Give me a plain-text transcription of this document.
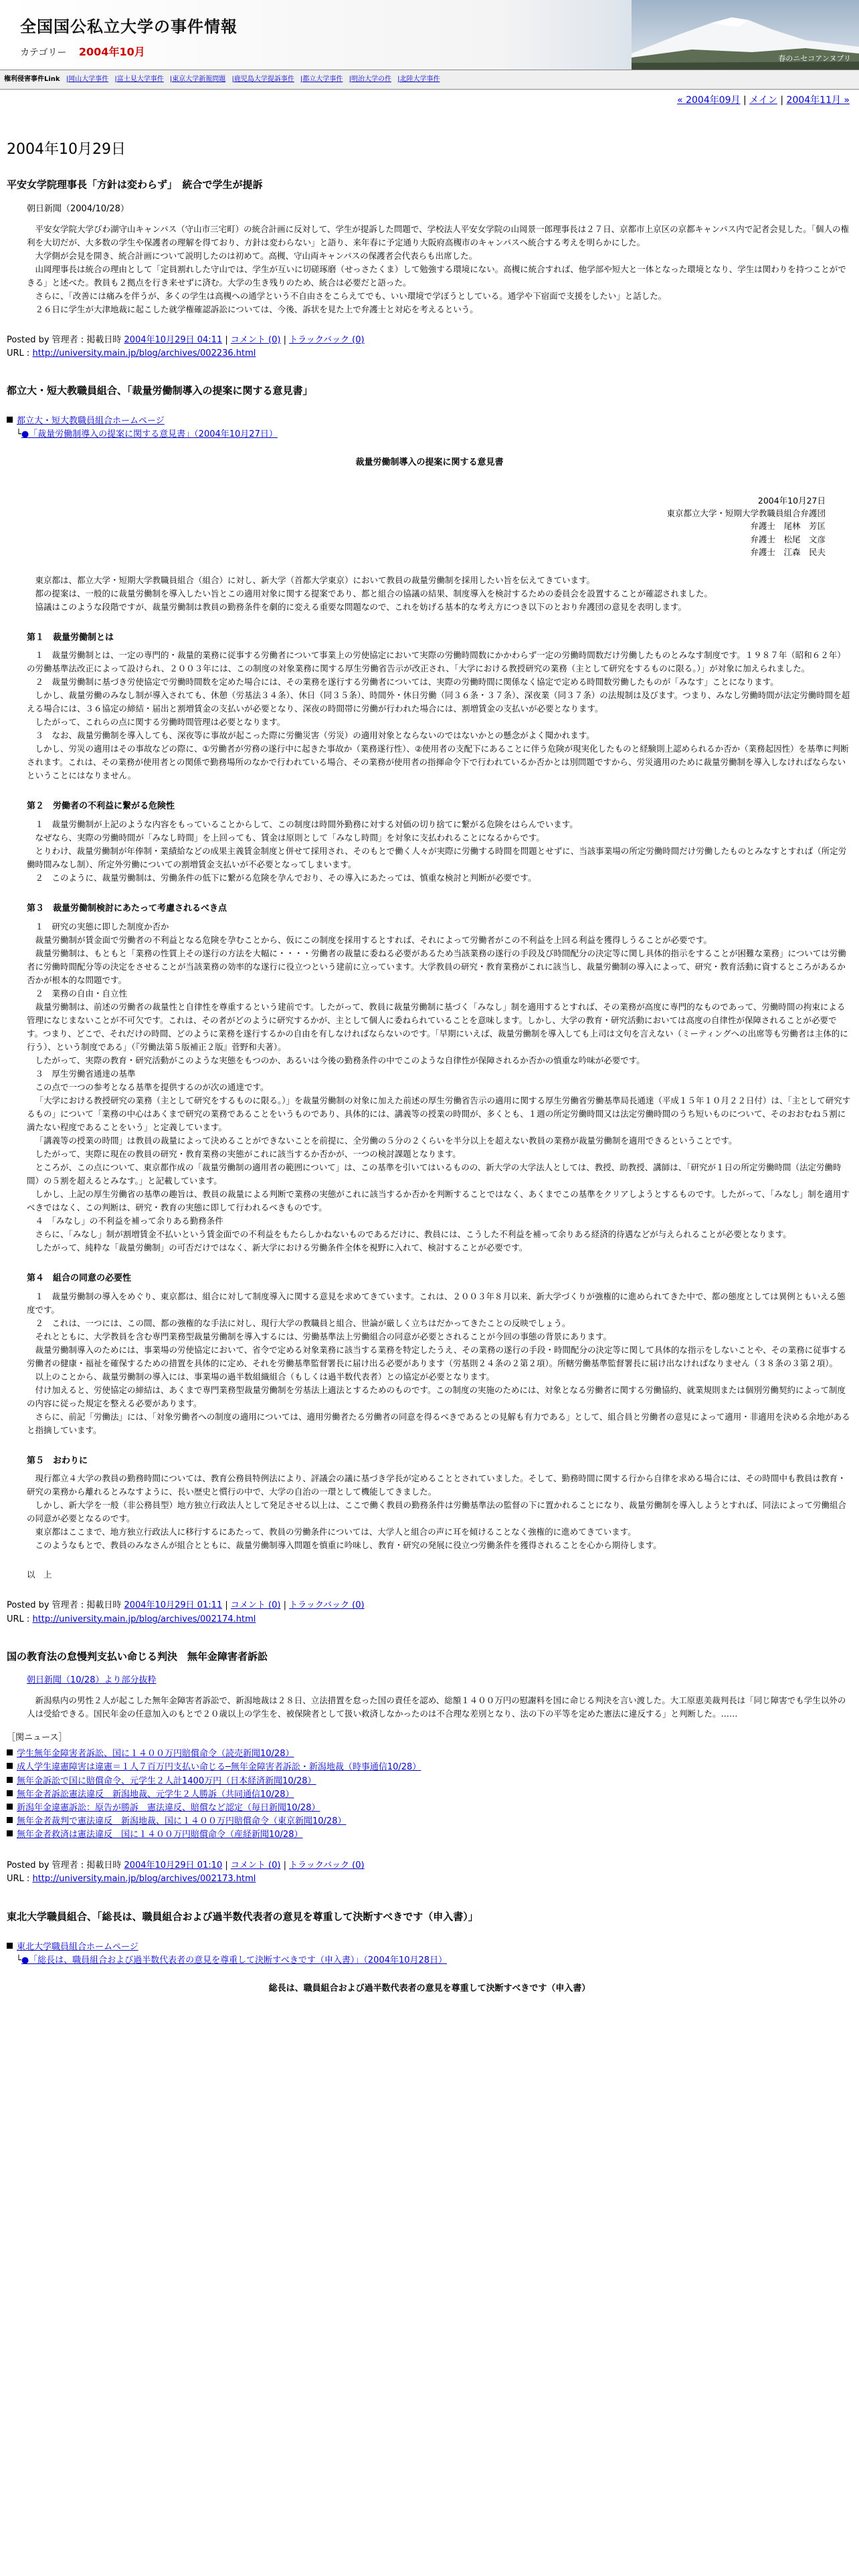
全国国公私立大学の事件情報
カテゴリー 2004年10月
春のニセコアンヌプリ
権利侵害事件Link |岡山大学事件 |富士見大学事件 |東京大学新報問題 |鹿児島大学提訴事件 |都立大学事件 |明治大学の件 |北陸大学事件
« 2004年09月 | メイン | 2004年11月 »
2004年10月29日
平安女学院理事長「方針は変わらず」　統合で学生が提訴
朝日新聞（2004/10/28）

平安女学院大学びわ湖守山キャンパス（守山市三宅町）の統合計画に反対して、学生が提訴した問題で、学校法人平安女学院の山岡景一郎理事長は２７日、京都市上京区の京都キャンパス内で記者会見した。「個人の権利を大切だが、大多数の学生や保護者の理解を得ており、方針は変わらない」と語り、来年春に予定通り大阪府高槻市のキャンパスへ統合する考えを明らかにした。

大学側が会見を開き、統合計画について説明したのは初めて。高槻、守山両キャンパスの保護者会代表らも出席した。

山岡理事長は統合の理由として「定員割れした守山では、学生が互いに切磋琢磨（せっさたくま）して勉強する環境にない。高槻に統合すれば、他学部や短大と一体となった環境となり、学生は関わりを持つことができる」と述べた。教員も２拠点を行き来せずに済む。大学の生き残りのため、統合は必要だと語った。

さらに、「改善には痛みを伴うが、多くの学生は高槻への通学という不自由さをこらえてでも、いい環境で学ぼうとしている。通学や下宿面で支援をしたい」と話した。

２６日に学生が大津地裁に起こした就学権確認訴訟については、今後、訴状を見た上で弁護士と対応を考えるという。

Posted by 管理者 : 掲載日時 2004年10月29日 04:11 | コメント (0) | トラックバック (0)
URL : http://university.main.jp/blog/archives/002236.html
都立大・短大教職員組合、「裁量労働制導入の提案に関する意見書」
都立大・短大教職員組合ホームページ
└●「裁量労働制導入の提案に関する意見書」（2004年10月27日）
裁量労働制導入の提案に関する意見書
2004年10月27日
東京都立大学・短期大学教職員組合弁護団
弁護士　尾林　芳匡
弁護士　松尾　文彦
弁護士　江森　民夫

東京都は、都立大学・短期大学教職員組合（組合）に対し、新大学（首都大学東京）において教員の裁量労働制を採用したい旨を伝えてきています。

都の提案は、一般的に裁量労働制を導入したい旨とこの適用対象に関する提案であり、都と組合の協議の結果、制度導入を検討するための委員会を設置することが確認されました。

協議はこのような段階ですが、裁量労働制は教員の勤務条件を劇的に変える重要な問題なので、これを妨げる基本的な考え方につき以下のとおり弁護団の意見を表明します。

第１　裁量労働制とは

１　裁量労働制とは、一定の専門的・裁量的業務に従事する労働者について事業上の労使協定において実際の労働時間数にかかわらず一定の労働時間数だけ労働したものとみなす制度です。１９８７年（昭和６２年）の労働基準法改正によって設けられ、２００３年には、この制度の対象業務に関する厚生労働省告示が改正され、「大学における教授研究の業務（主として研究をするものに限る。）」が対象に加えられました。

２　裁量労働制に基づき労使協定で労働時間数を定めた場合には、その業務を遂行する労働者については、実際の労働時間に関係なく協定で定める時間数労働したものが「みなす」ことになります。

しかし、裁量労働のみなし制が導入されても、休憩（労基法３４条）、休日（同３５条）、時間外・休日労働（同３６条・３７条）、深夜業（同３７条）の法規制は及びます。つまり、みなし労働時間が法定労働時間を超える場合には、３６協定の締結・届出と割増賃金の支払いが必要となり、深夜の時間帯に労働が行われた場合には、割増賃金の支払いが必要となります。

したがって、これらの点に関する労働時間管理は必要となります。

３　なお、裁量労働制を導入しても、深夜等に事故が起こった際に労働災害（労災）の適用対象とならないのではないかとの懸念がよく聞かれます。

しかし、労災の適用はその事故などの際に、①労働者が労務の遂行中に起きた事故か（業務遂行性）、②使用者の支配下にあることに伴う危険が現実化したものと経験則上認められるか否か（業務起因性）を基準に判断されます。これは、その業務が使用者との関係で勤務場所のなかで行われている場合、その業務が使用者の指揮命令下で行われているか否かとは別問題ですから、労災適用のために裁量労働制を導入しなければならないということにはなりません。

第２　労働者の不利益に繋がる危険性

１　裁量労働制が上記のような内容をもっていることからして、この制度は時間外勤務に対する対価の切り捨てに繋がる危険をはらんでいます。

なぜなら、実際の労働時間が「みなし時間」を上回っても、賃金は原則として「みなし時間」を対象に支払われることになるからです。

とりわけ、裁量労働制が年俸制・業績給などの成果主義賃金制度と併せて採用され、そのもとで働く人々が実際に労働する時間を問題とせずに、当該事業場の所定労働時間だけ労働したものとみなすとすれば（所定労働時間みなし制）、所定外労働についての割増賃金支払いが不必要となってしまいます。

２　このように、裁量労働制は、労働条件の低下に繋がる危険を孕んでおり、その導入にあたっては、慎重な検討と判断が必要です。

第３　裁量労働制検討にあたって考慮されるべき点

１　研究の実態に即した制度か否か

裁量労働制が賃金面で労働者の不利益となる危険を孕むことから、仮にこの制度を採用するとすれば、それによって労働者がこの不利益を上回る利益を獲得しうることが必要です。

裁量労働制は、もともと「業務の性質上その遂行の方法を大幅に・・・・労働者の裁量に委ねる必要があるため当該業務の遂行の手段及び時間配分の決定等に関し具体的指示をすることが困難な業務」については労働者に労働時間配分等の決定をさせることが当該業務の効率的な遂行に役立つという建前に立っています。大学教員の研究・教育業務がこれに該当し、裁量労働制の導入によって、研究・教育活動に資するところがあるか否かが根本的な問題です。

２　業務の自由・自立性

裁量労働制は、前述の労働者の裁量性と自律性を尊重するという建前です。したがって、教員に裁量労働制に基づく「みなし」制を適用するとすれば、その業務が高度に専門的なものであって、労働時間の拘束による管理になじまないことが不可欠です。これは、その者がどのように研究するかが、主として個人に委ねられていることを意味します。しかし、大学の教育・研究活動においては高度の自律性が保障されることが必要です。つまり、どこで、それだけの時間、どのように業務を遂行するかの自由を有しなければならないのです。「早期にいえば、裁量労働制を導入しても上司は文句を言えない（ミーティングへの出席等も労働者は主体的に行う）、という制度である」（『労働法第５版補正２版』菅野和夫著）。

したがって、実際の教育・研究活動がこのような実態をもつのか、あるいは今後の勤務条件の中でこのような自律性が保障されるか否かの慎重な吟味が必要です。

３　厚生労働省通達の基準

この点で一つの参考となる基準を提供するのが次の通達です。

「大学における教授研究の業務（主として研究をするものに限る。）」を裁量労働制の対象に加えた前述の厚生労働省告示の適用に関する厚生労働省労働基準局長通達（平成１５年１０月２２日付）は、「主として研究するもの」について「業務の中心はあくまで研究の業務であることをいうものであり、具体的には、講義等の授業の時間が、多くとも、１週の所定労働時間又は法定労働時間のうち短いものについて、そのおおむね５割に満たない程度であることをいう」と定義しています。

「講義等の授業の時間」は教員の裁量によって決めることができないことを前提に、全労働の５分の２くらいを半分以上を超えない教員の業務が裁量労働制を適用できるということです。

したがって、実際に現在の教員の研究・教育業務の実態がこれに該当するか否かが、一つの検討課題となります。

ところが、この点について、東京都作成の「裁量労働制の適用者の範囲について」は、この基準を引いてはいるものの、新大学の大学法人としては、教授、助教授、講師は、「研究が１日の所定労働時間（法定労働時間）の５割を超えるとみなす。」と記載しています。

しかし、上記の厚生労働省の基準の趣旨は、教員の裁量による判断で業務の実態がこれに該当するか否かを判断することではなく、あくまでこの基準をクリアしようとするものです。したがって、「みなし」制を適用すべきではなく、この判断は、研究・教育の実態に即して行われるべきものです。

４　「みなし」の不利益を補って余りある勤務条件

さらに、「みなし」制が割増賃金不払いという賃金面での不利益をもたらしかねないものであるだけに、教員には、こうした不利益を補って余りある経済的待遇などが与えられることが必要となります。

したがって、純粋な「裁量労働制」の可否だけではなく、新大学における労働条件全体を視野に入れて、検討することが必要です。

第４　組合の同意の必要性

１　裁量労働制の導入をめぐり、東京都は、組合に対して制度導入に関する意見を求めてきています。これは、２００３年８月以来、新大学づくりが強権的に進められてきた中で、都の態度としては異例ともいえる態度です。

２　これは、一つには、この間、都の強権的な手法に対し、現行大学の教職員と組合、世論が厳しく立ちはだかってきたことの反映でしょう。

それとともに、大学教員を含む専門業務型裁量労働制を導入するには、労働基準法上労働組合の同意が必要とされることが今回の事態の背景にあります。

裁量労働制導入のためには、事業場の労使協定において、省令で定める対象業務に該当する業務を特定したうえ、その業務の遂行の手段・時間配分の決定等に関して具体的な指示をしないことや、その業務に従事する労働者の健康・福祉を確保するための措置を具体的に定め、それを労働基準監督署長に届け出る必要があります（労基則２４条の２第２項）。所轄労働基準監督署長に届け出なければなりません（３８条の３第２項）。

以上のことから、裁量労働制の導入には、事業場の過半数組織組合（もしくは過半数代表者）との協定が必要となります。

付け加えると、労使協定の締結は、あくまで専門業務型裁量労働制を労基法上適法とするためのものです。この制度の実施のためには、対象となる労働者に関する労働協約、就業規則または個別労働契約によって制度の内容に従った規定を整える必要があります。

さらに、前記「労働法」には、「対象労働者への制度の適用については、適用労働者たる労働者の同意を得るべきであるとの見解も有力である」として、組合員と労働者の意見によって適用・非適用を決める余地があると指摘しています。

第５　おわりに

現行都立４大学の教員の勤務時間については、教育公務員特例法により、評議会の議に基づき学長が定めることとされていました。そして、勤務時間に関する行から自律を求める場合には、その時間中も教員は教育・研究の業務から離れるとみなすように、長い歴史と慣行の中で、大学の自治の一環として機能してきました。

しかし、新大学を一般（非公務員型）地方独立行政法人として発足させる以上は、ここで働く教員の勤務条件は労働基準法の監督の下に置かれることになり、裁量労働制を導入しようとすれば、同法によって労働組合の同意が必要となるのです。

東京都はここまで、地方独立行政法人に移行するにあたって、教員の労働条件については、大学人と組合の声に耳を傾けることなく強権的に進めてきています。

このようなもとで、教員のみなさんが組合とともに、裁量労働制導入問題を慎重に吟味し、教育・研究の発展に役立つ労働条件を獲得されることを心から期待します。

以　上

Posted by 管理者 : 掲載日時 2004年10月29日 01:11 | コメント (0) | トラックバック (0)
URL : http://university.main.jp/blog/archives/002174.html
国の教育法の怠慢判支払い命じる判決　無年金障害者訴訟
朝日新聞（10/28）より部分抜粋

新潟県内の男性２人が起こした無年金障害者訴訟で、新潟地裁は２８日、立法措置を怠った国の責任を認め、総額１４００万円の慰謝料を国に命じる判決を言い渡した。大工原恵美裁判長は「同じ障害でも学生以外の人は受給できる。国民年金の任意加入のもとで２０歳以上の学生を、被保険者として扱い救済しなかったのは不合理な差別となり、法の下の平等を定めた憲法に違反する」と判断した。……

［関ニュース］
学生無年金障害者訴訟、国に１４００万円賠償命令（読売新聞10/28）
成人学生違憲障害は違憲＝１人７百万円支払い命じる─無年金障害者訴訟・新潟地裁（時事通信10/28）
無年金訴訟で国に賠償命令、元学生２人計1400万円（日本経済新聞10/28）
無年金者訴訟憲法違反　新潟地裁、元学生２人勝訴（共同通信10/28）
新潟年金違憲訴訟：原告が勝訴　憲法違反、賠償など認定（毎日新聞10/28）
無年金者裁判で憲法違反　新潟地裁、国に１４００万円賠償命令（東京新聞10/28）
無年金者救済は憲法違反　国に１４００万円賠償命令（産経新聞10/28）
Posted by 管理者 : 掲載日時 2004年10月29日 01:10 | コメント (0) | トラックバック (0)
URL : http://university.main.jp/blog/archives/002173.html
東北大学職員組合、「総長は、職員組合および過半数代表者の意見を尊重して決断すべきです（申入書）」
東北大学職員組合ホームページ
└●「総長は、職員組合および過半数代表者の意見を尊重して決断すべきです（申入書）」（2004年10月28日）
総長は、職員組合および過半数代表者の意見を尊重して決断すべきです（申入書）
